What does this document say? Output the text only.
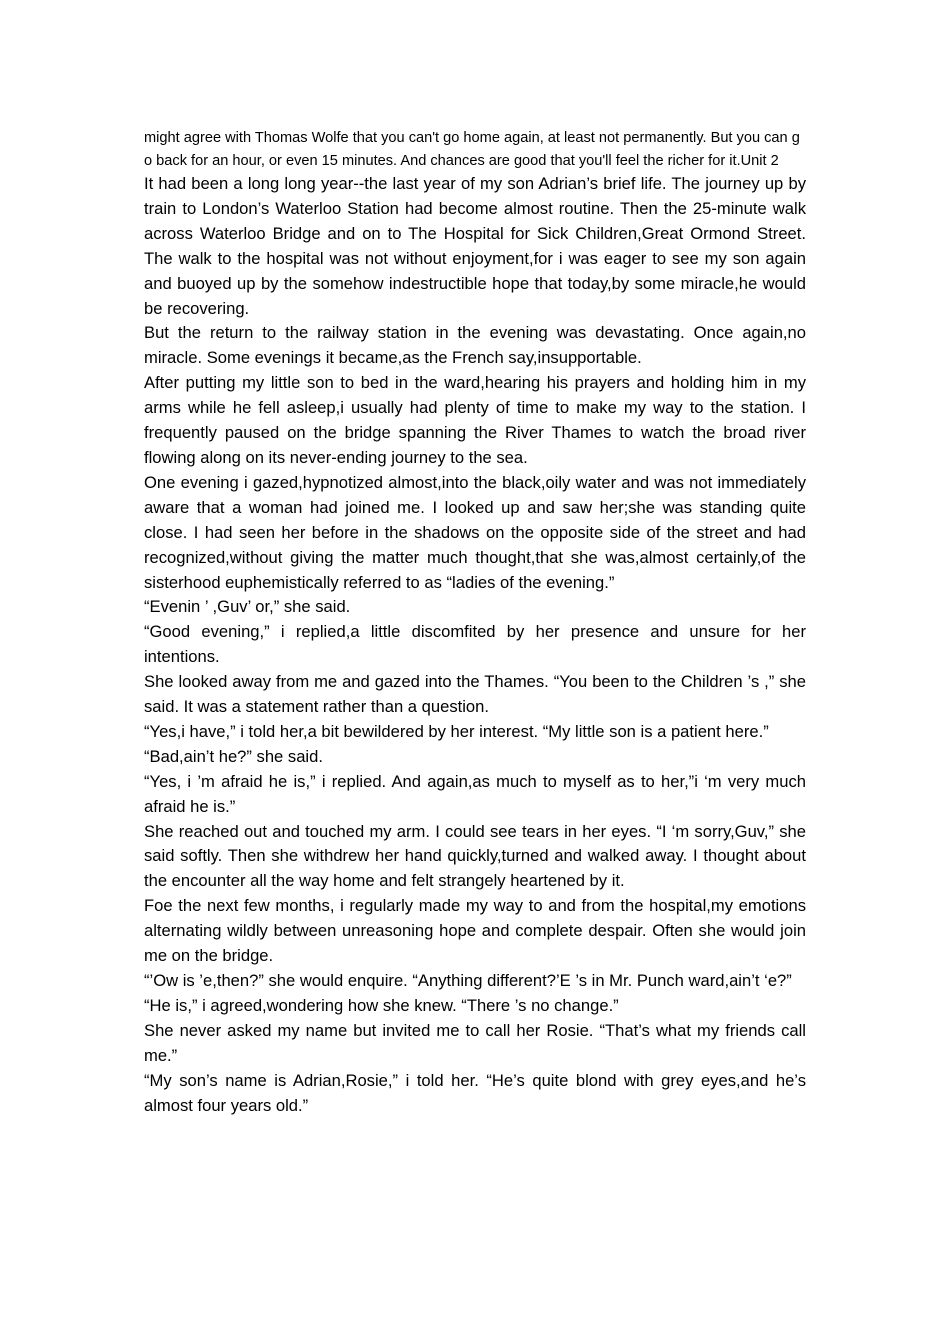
might agree with Thomas Wolfe that you can't go home again, at least not permanently. But you can go back for an hour, or even 15 minutes. And chances are good that you'll feel the richer for it.Unit 2

It had been a long long year--the last year of my son Adrian’s brief life. The journey up by train to London’s Waterloo Station had become almost routine. Then the 25-minute walk across Waterloo Bridge and on to The Hospital for Sick Children,Great Ormond Street. The walk to the hospital was not without enjoyment,for i was eager to see my son again and buoyed up by the somehow indestructible hope that today,by some miracle,he would be recovering.

But the return to the railway station in the evening was devastating. Once again,no miracle. Some evenings it became,as the French say,insupportable.

After putting my little son to bed in the ward,hearing his prayers and holding him in my arms while he fell asleep,i usually had plenty of time to make my way to the station. I frequently paused on the bridge spanning the River Thames to watch the broad river flowing along on its never-ending journey to the sea.

One evening i gazed,hypnotized almost,into the black,oily water and was not immediately aware that a woman had joined me. I looked up and saw her;she was standing quite close. I had seen her before in the shadows on the opposite side of the street and had recognized,without giving the matter much thought,that she was,almost certainly,of the sisterhood euphemistically referred to as “ladies of the evening.”

“Evenin ’ ,Guv’ or,” she said.

“Good evening,” i replied,a little discomfited by her presence and unsure for her intentions.

She looked away from me and gazed into the Thames. “You been to the Children ’s ,” she said. It was a statement rather than a question.

“Yes,i have,” i told her,a bit bewildered by her interest. “My little son is a patient here.”

“Bad,ain’t he?” she said.

“Yes, i ’m afraid he is,” i replied. And again,as much to myself as to her,”i ‘m very much afraid he is.”

She reached out and touched my arm. I could see tears in her eyes. “I ‘m sorry,Guv,” she said softly. Then she withdrew her hand quickly,turned and walked away. I thought about the encounter all the way home and felt strangely heartened by it.

Foe the next few months, i regularly made my way to and from the hospital,my emotions alternating wildly between unreasoning hope and complete despair. Often she would join me on the bridge.

“’Ow is ’e,then?” she would enquire. “Anything different?’E ’s in Mr. Punch ward,ain’t ‘e?”

“He is,” i agreed,wondering how she knew. “There ’s no change.”

She never asked my name but invited me to call her Rosie. “That’s what my friends call me.”

“My son’s name is Adrian,Rosie,” i told her. “He’s quite blond with grey eyes,and he’s almost four years old.”
